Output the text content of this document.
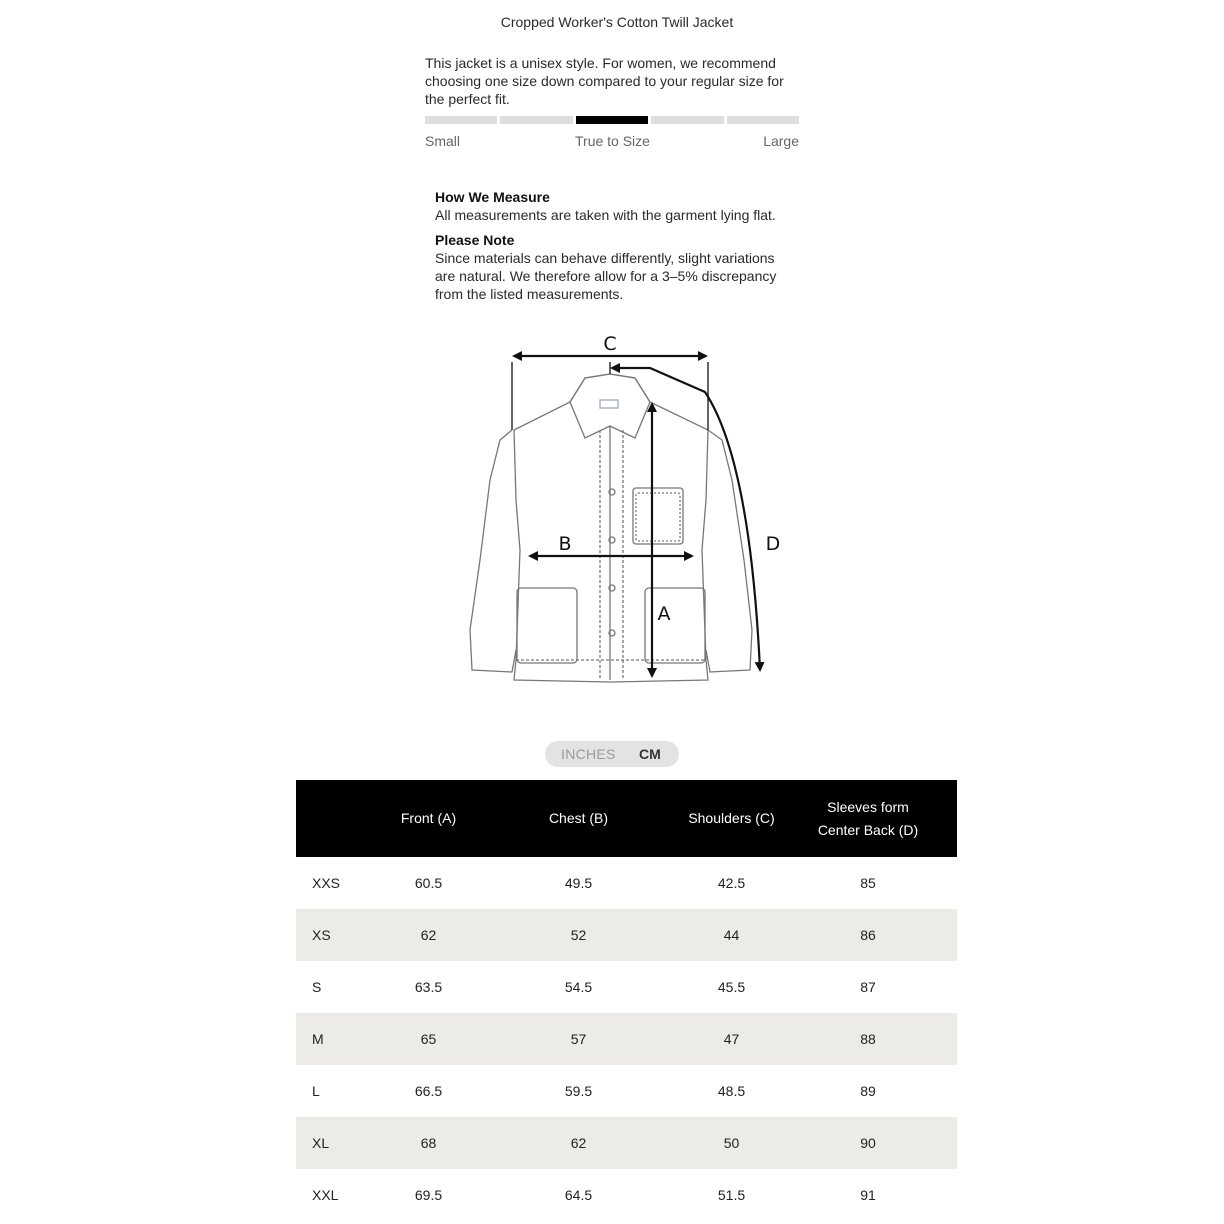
Cropped Worker's Cotton Twill Jacket
This jacket is a unisex style. For women, we recommend choosing one size down compared to your regular size for the perfect fit.
Small	True to Size	Large
How We Measure

All measurements are taken with the garment lying flat.

Please Note

Since materials can behave differently, slight variations are natural. We therefore allow for a 3–5% discrepancy from the listed measurements.

C
B
A
D
INCHES CM
	Front (A)	Chest (B)	Shoulders (C)	Sleeves form
Center Back (D)
XXS	60.5	49.5	42.5	85
XS	62	52	44	86
S	63.5	54.5	45.5	87
M	65	57	47	88
L	66.5	59.5	48.5	89
XL	68	62	50	90
XXL	69.5	64.5	51.5	91
